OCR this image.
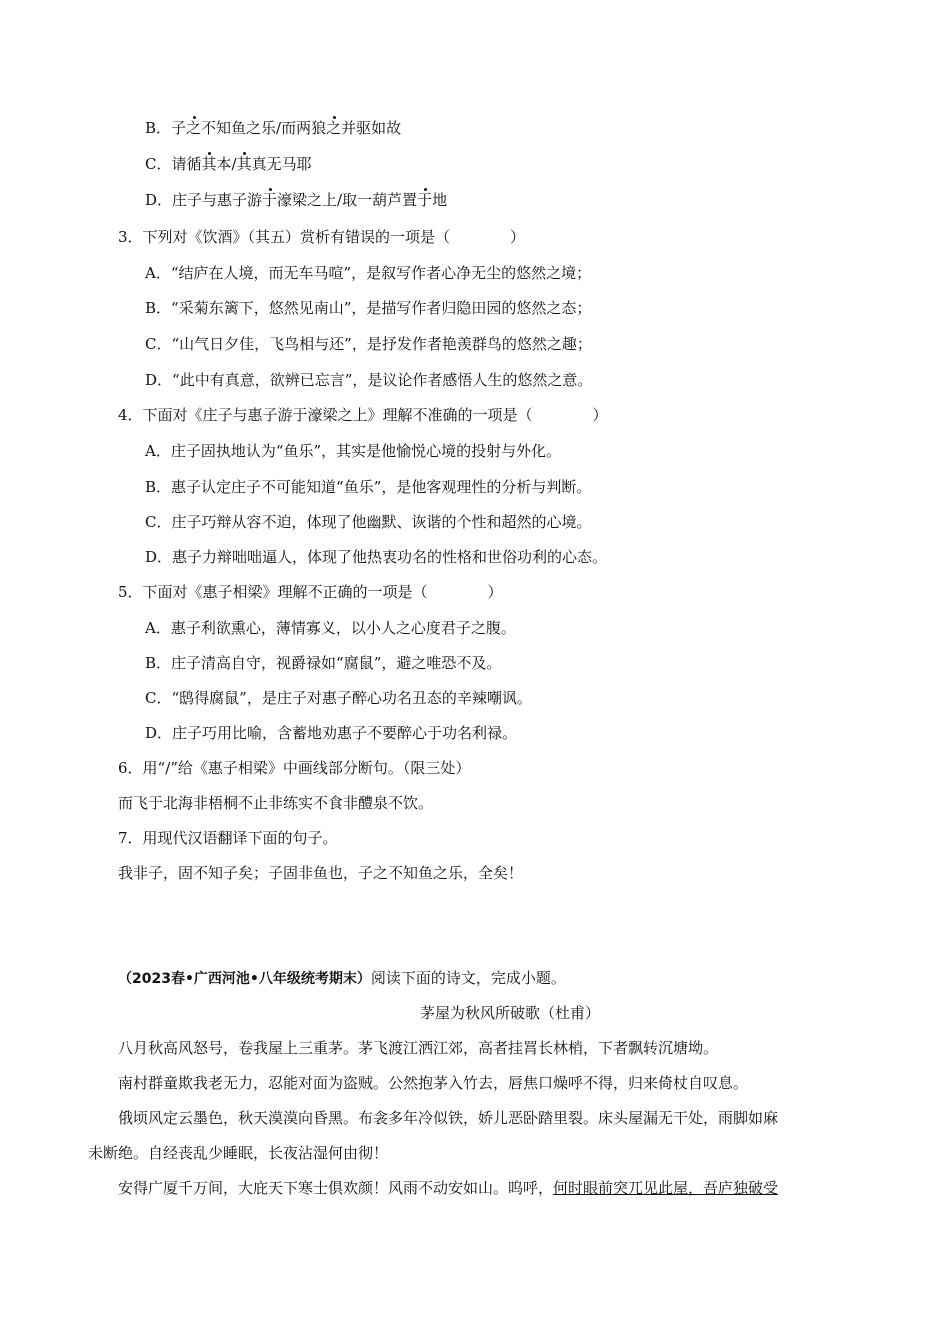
B．子之不知鱼之乐/而两狼之并驱如故
C．请循其本/其真无马耶
D．庄子与惠子游于濠梁之上/取一葫芦置于地
3．下列对《饮酒》（其五）赏析有错误的一项是（	）
A．“结庐在人境，而无车马喧”，是叙写作者心净无尘的悠然之境；
B．“采菊东篱下，悠然见南山”，是描写作者归隐田园的悠然之态；
C．“山气日夕佳，飞鸟相与还”，是抒发作者艳羡群鸟的悠然之趣；
D．“此中有真意，欲辨已忘言”，是议论作者感悟人生的悠然之意。
4．下面对《庄子与惠子游于濠梁之上》理解不准确的一项是（	）
A．庄子固执地认为“鱼乐”，其实是他愉悦心境的投射与外化。
B．惠子认定庄子不可能知道“鱼乐”，是他客观理性的分析与判断。
C．庄子巧辩从容不迫，体现了他幽默、诙谐的个性和超然的心境。
D．惠子力辩咄咄逼人，体现了他热衷功名的性格和世俗功利的心态。
5．下面对《惠子相梁》理解不正确的一项是（	）
A．惠子利欲熏心，薄情寡义，以小人之心度君子之腹。
B．庄子清高自守，视爵禄如“腐鼠”，避之唯恐不及。
C．“鸱得腐鼠”，是庄子对惠子醉心功名丑态的辛辣嘲讽。
D．庄子巧用比喻，含蓄地劝惠子不要醉心于功名利禄。
6．用“/”给《惠子相梁》中画线部分断句。（限三处）
而飞于北海非梧桐不止非练实不食非醴泉不饮。
7．用现代汉语翻译下面的句子。
我非子，固不知子矣；子固非鱼也，子之不知鱼之乐，全矣！
（2023春•广西河池•八年级统考期末）阅读下面的诗文，完成小题。
茅屋为秋风所破歌（杜甫）
八月秋高风怒号，卷我屋上三重茅。茅飞渡江洒江郊，高者挂罥长林梢，下者飘转沉塘坳。
南村群童欺我老无力，忍能对面为盗贼。公然抱茅入竹去，唇焦口燥呼不得，归来倚杖自叹息。
俄顷风定云墨色，秋天漠漠向昏黑。布衾多年冷似铁，娇儿恶卧踏里裂。床头屋漏无干处，雨脚如麻
未断绝。自经丧乱少睡眠，长夜沾湿何由彻！
安得广厦千万间，大庇天下寒士俱欢颜！风雨不动安如山。呜呼，何时眼前突兀见此屋，吾庐独破受
